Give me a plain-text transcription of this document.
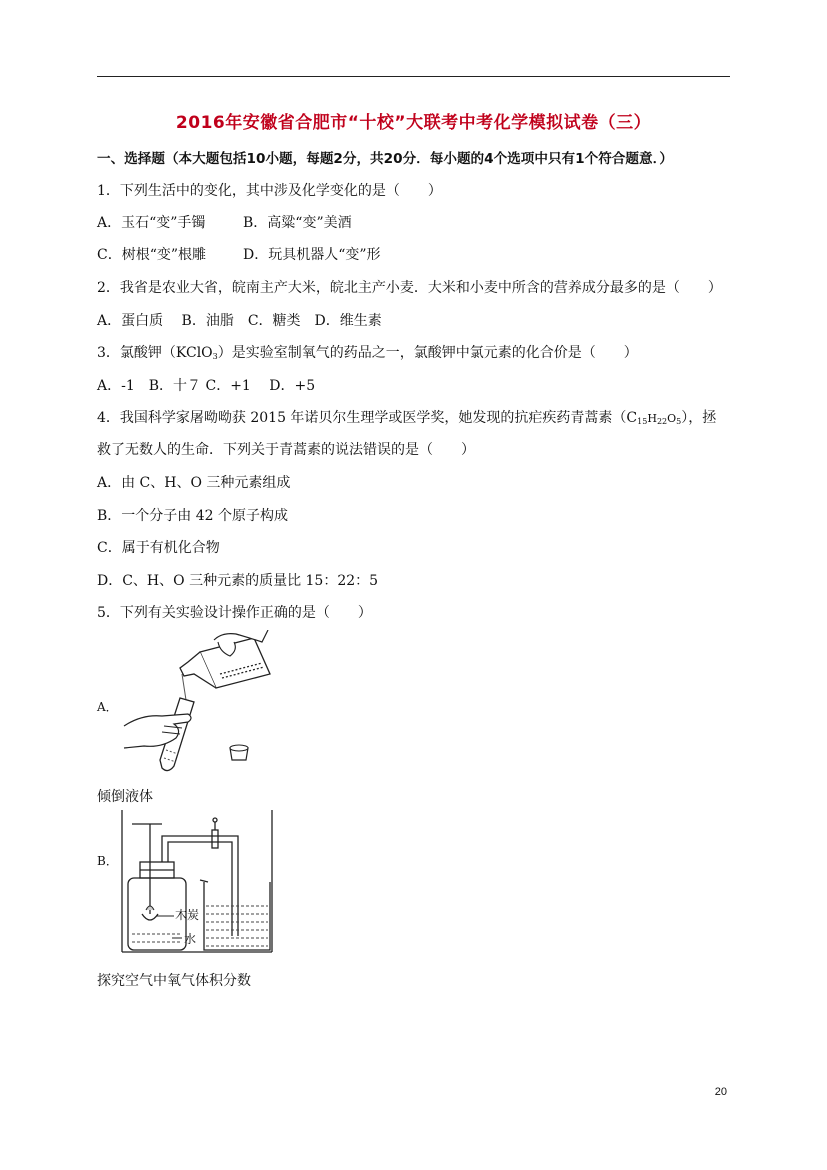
2016年安徽省合肥市“十校”大联考中考化学模拟试卷（三）
一、选择题（本大题包括10小题，每题2分，共20分．每小题的4个选项中只有1个符合题意．）
1．下列生活中的变化，其中涉及化学变化的是（　　）
A．玉石“变”手镯	B．高粱“变”美酒
C．树根“变”根雕	D．玩具机器人“变”形
2．我省是农业大省，皖南主产大米，皖北主产小麦．大米和小麦中所含的营养成分最多的是（　　）
A．蛋白质　 B．油脂　C．糖类　D．维生素
3．氯酸钾（KClO$_3$）是实验室制氧气的药品之一，氯酸钾中氯元素的化合价是（　　）
A．‐1　B．十７ C．+1　 D．+5
4．我国科学家屠呦呦获 2015 年诺贝尔生理学或医学奖，她发现的抗疟疾药青蒿素（C15H22O5），拯
救了无数人的生命．下列关于青蒿素的说法错误的是（　　）
A．由 C、H、O 三种元素组成
B．一个分子由 42 个原子构成
C．属于有机化合物
D．C、H、O 三种元素的质量比 15：22：5
5．下列有关实验设计操作正确的是（　　）
A．
倾倒液体
B．
木炭
水
探究空气中氧气体积分数
20
